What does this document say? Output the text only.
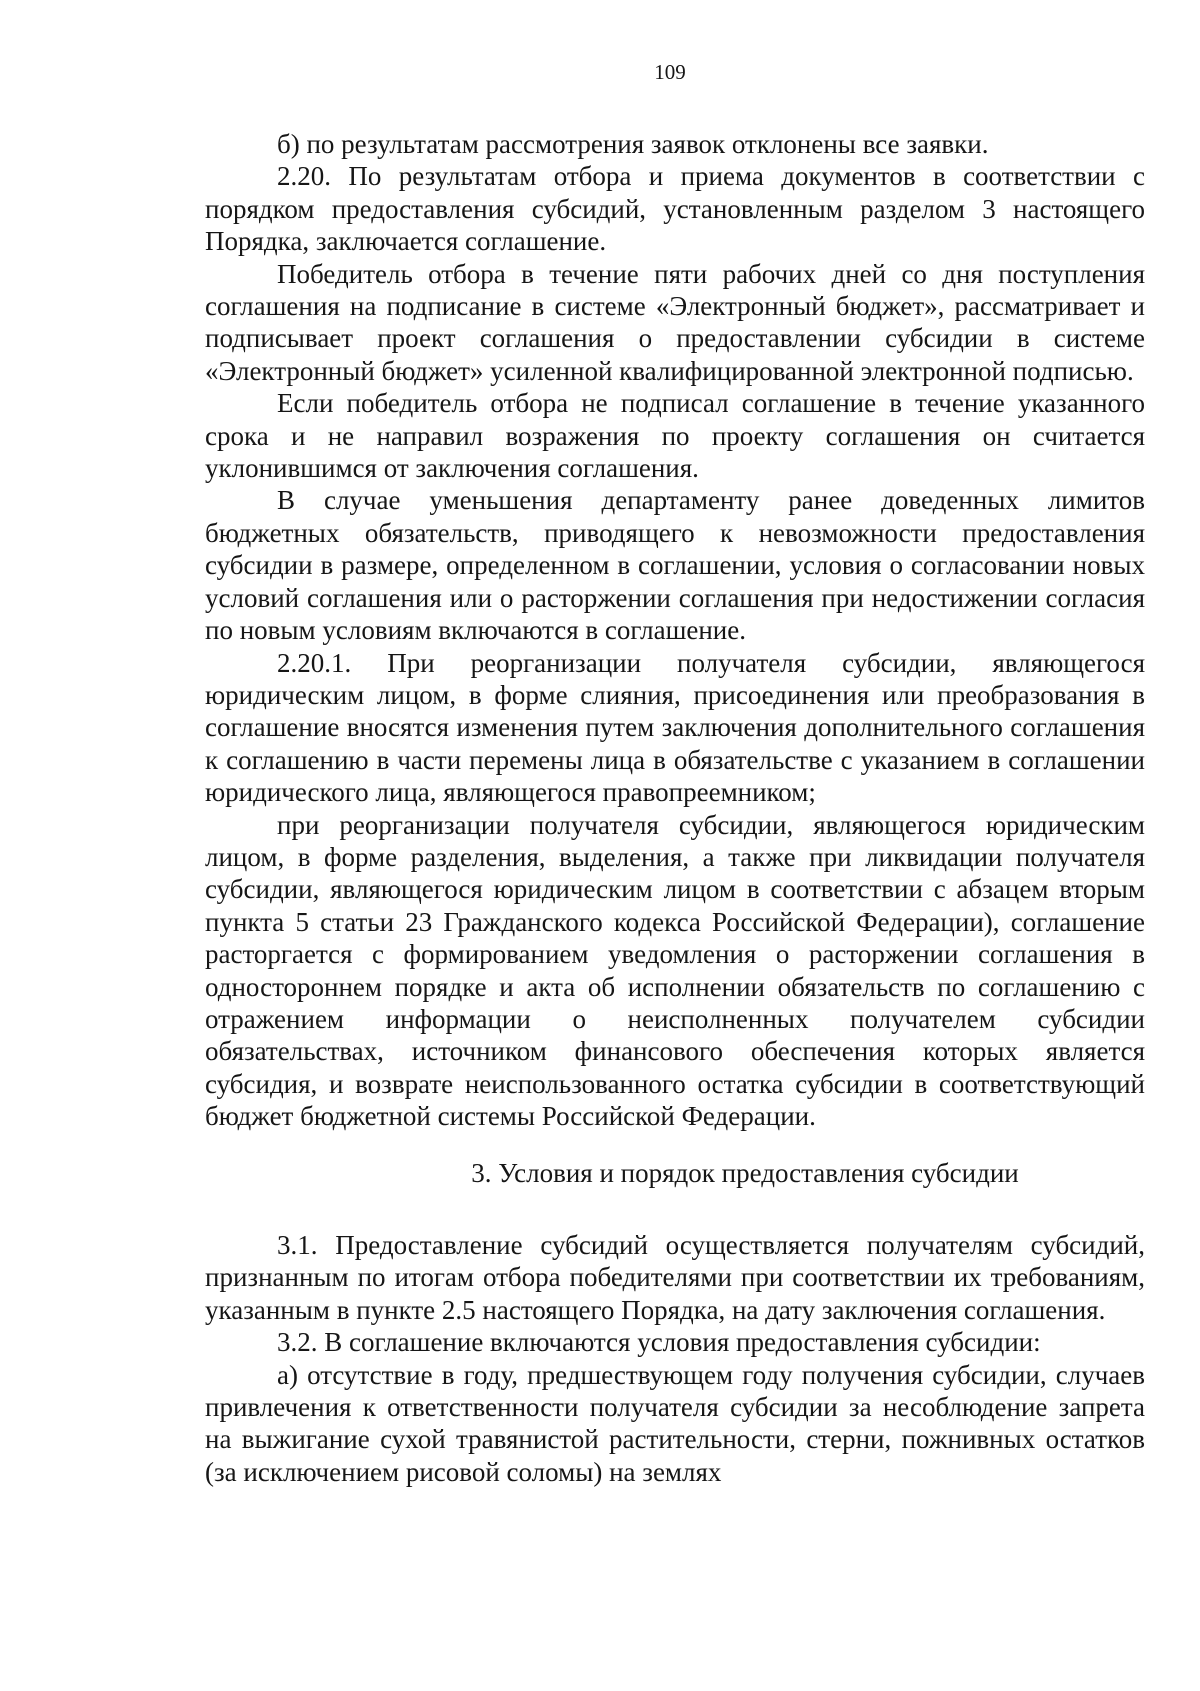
109

б) по результатам рассмотрения заявок отклонены все заявки.

2.20. По результатам отбора и приема документов в соответствии с порядком предоставления субсидий, установленным разделом 3 настоящего Порядка, заключается соглашение.

Победитель отбора в течение пяти рабочих дней со дня поступления соглашения на подписание в системе «Электронный бюджет», рассматривает и подписывает проект соглашения о предоставлении субсидии в системе «Электронный бюджет» усиленной квалифицированной электронной подписью.

Если победитель отбора не подписал соглашение в течение указанного срока и не направил возражения по проекту соглашения он считается уклонившимся от заключения соглашения.

В случае уменьшения департаменту ранее доведенных лимитов бюджетных обязательств, приводящего к невозможности предоставления субсидии в размере, определенном в соглашении, условия о согласовании новых условий соглашения или о расторжении соглашения при недостижении согласия по новым условиям включаются в соглашение.

2.20.1. При реорганизации получателя субсидии, являющегося юридическим лицом, в форме слияния, присоединения или преобразования в соглашение вносятся изменения путем заключения дополнительного соглашения к соглашению в части перемены лица в обязательстве с указанием в соглашении юридического лица, являющегося правопреемником;

при реорганизации получателя субсидии, являющегося юридическим лицом, в форме разделения, выделения, а также при ликвидации получателя субсидии, являющегося юридическим лицом в соответствии с абзацем вторым пункта 5 статьи 23 Гражданского кодекса Российской Федерации), соглашение расторгается с формированием уведомления о расторжении соглашения в одностороннем порядке и акта об исполнении обязательств по соглашению с отражением информации о неисполненных получателем субсидии обязательствах, источником финансового обеспечения которых является субсидия, и возврате неиспользованного остатка субсидии в соответствующий бюджет бюджетной системы Российской Федерации.

3. Условия и порядок предоставления субсидии

3.1. Предоставление субсидий осуществляется получателям субсидий, признанным по итогам отбора победителями при соответствии их требованиям, указанным в пункте 2.5 настоящего Порядка, на дату заключения соглашения.

3.2. В соглашение включаются условия предоставления субсидии:

а) отсутствие в году, предшествующем году получения субсидии, случаев привлечения к ответственности получателя субсидии за несоблюдение запрета на выжигание сухой травянистой растительности, стерни, пожнивных остатков (за исключением рисовой соломы) на землях
